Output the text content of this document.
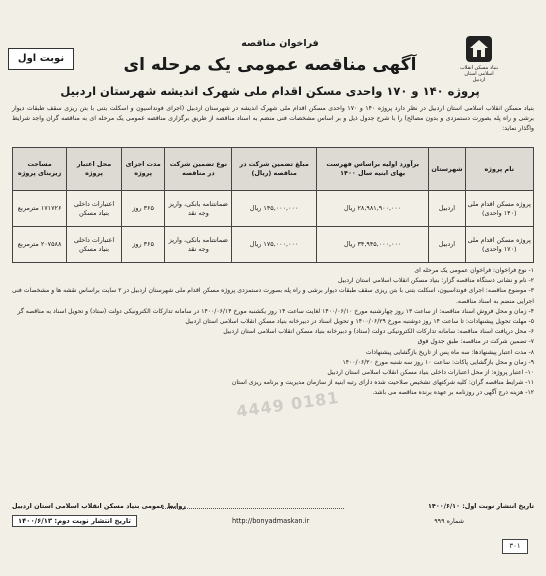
بنیاد مسکن انقلاب اسلامی استان اردبیل
نوبت اول
فراخوان مناقصه
آگهی مناقصه عمومی یک مرحله ای
پروژه ۱۴۰ و ۱۷۰ واحدی مسکن اقدام ملی شهرک اندیشه شهرستان اردبیل
بنیاد مسکن انقلاب اسلامی استان اردبیل در نظر دارد پروژه ۱۴۰ و ۱۷۰ واحدی مسکن اقدام ملی شهرک اندیشه در شهرستان اردبیل (اجرای فونداسیون و اسکلت بتنی با بتن ریزی سقف طبقات دیوار برشی و راه پله بصورت دستمزدی و بدون مصالح) را با شرح جدول ذیل و بر اساس مشخصات فنی منضم به اسناد مناقصه از طریق برگزاری مناقصه عمومی یک مرحله ای به مناقصه گران واجد شرایط واگذار نماید:
نام پروژه	شهرستان	برآورد اولیه براساس فهرست بهای ابنیه سال ۱۴۰۰	مبلغ تضمین شرکت در مناقصه (ریال)	نوع تضمین شرکت در مناقصه	مدت اجرای پروژه	محل اعتبار پروژه	مساحت زیربنای پروژه
پروژه مسکن اقدام ملی (۱۴۰ واحدی)	اردبیل	۲۸,۹۸۱,۹۰۰,۰۰۰ ریال	۱۴۵,۰۰۰,۰۰۰ ریال	ضمانتنامه بانکی، واریز وجه نقد	۳۶۵ روز	اعتبارات داخلی بنیاد مسکن	۱۷۱۷۲۶ مترمربع
پروژه مسکن اقدام ملی (۱۷۰ واحدی)	اردبیل	۳۴,۹۴۵,۰۰۰,۰۰۰ ریال	۱۷۵,۰۰۰,۰۰۰ ریال	ضمانتنامه بانکی، واریز وجه نقد	۳۶۵ روز	اعتبارات داخلی بنیاد مسکن	۲۰۷۵۸۸ مترمربع

۱- نوع فراخوان: فراخوان عمومی یک مرحله ای

۲- نام و نشانی دستگاه مناقصه گزار: بنیاد مسکن انقلاب اسلامی استان اردبیل

۳- موضوع مناقصه: اجرای فونداسیون، اسکلت بتنی با بتن ریزی سقف طبقات دیوار برشی و راه پله بصورت دستمزدی پروژه مسکن اقدام ملی شهرستان اردبیل در ۲ سایت براساس نقشه ها و مشخصات فنی اجرایی منضم به اسناد مناقصه.

۴- زمان و محل فروش اسناد مناقصه: از ساعت ۱۳ روز چهارشنبه مورخ ۱۴۰۰/۰۶/۱۰ لغایت ساعت ۱۴ روز یکشنبه مورخ ۱۴۰۰/۰۶/۱۴ در سامانه تدارکات الکترونیکی دولت (ستاد) و تحویل اسناد به مناقصه گر

۵- مهلت تحویل پیشنهادات: تا ساعت ۱۴ روز دوشنبه مورخ ۱۴۰۰/۰۶/۲۹ و تحویل اسناد در دبیرخانه بنیاد مسکن انقلاب اسلامی استان اردبیل

۶- محل دریافت اسناد مناقصه: سامانه تدارکات الکترونیکی دولت (ستاد) و دبیرخانه بنیاد مسکن انقلاب اسلامی استان اردبیل

۷- تضمین شرکت در مناقصه: طبق جدول فوق

۸- مدت اعتبار پیشنهادها: سه ماه پس از تاریخ بازگشایی پیشنهادات

۹- زمان و محل بازگشایی پاکات: ساعت ۱۰ روز سه شنبه مورخ ۱۴۰۰/۰۶/۳۰

۱۰- اعتبار پروژه: از محل اعتبارات داخلی بنیاد مسکن انقلاب اسلامی استان اردبیل

۱۱- شرایط مناقصه گران: کلیه شرکتهای تشخیص صلاحیت شده دارای رتبه ابنیه از سازمان مدیریت و برنامه ریزی استان

۱۲- هزینه درج آگهی در روزنامه بر عهده برنده مناقصه می باشد.

4449 0181
تاریخ انتشار نوبت اول: ۱۴۰۰/۶/۱۰
روابط عمومی بنیاد مسکن انقلاب اسلامی استان اردبیل
شماره ۹۹۹
http://bonyadmaskan.ir
تاریخ انتشار نوبت دوم: ۱۴۰۰/۶/۱۳
۳۰۱
